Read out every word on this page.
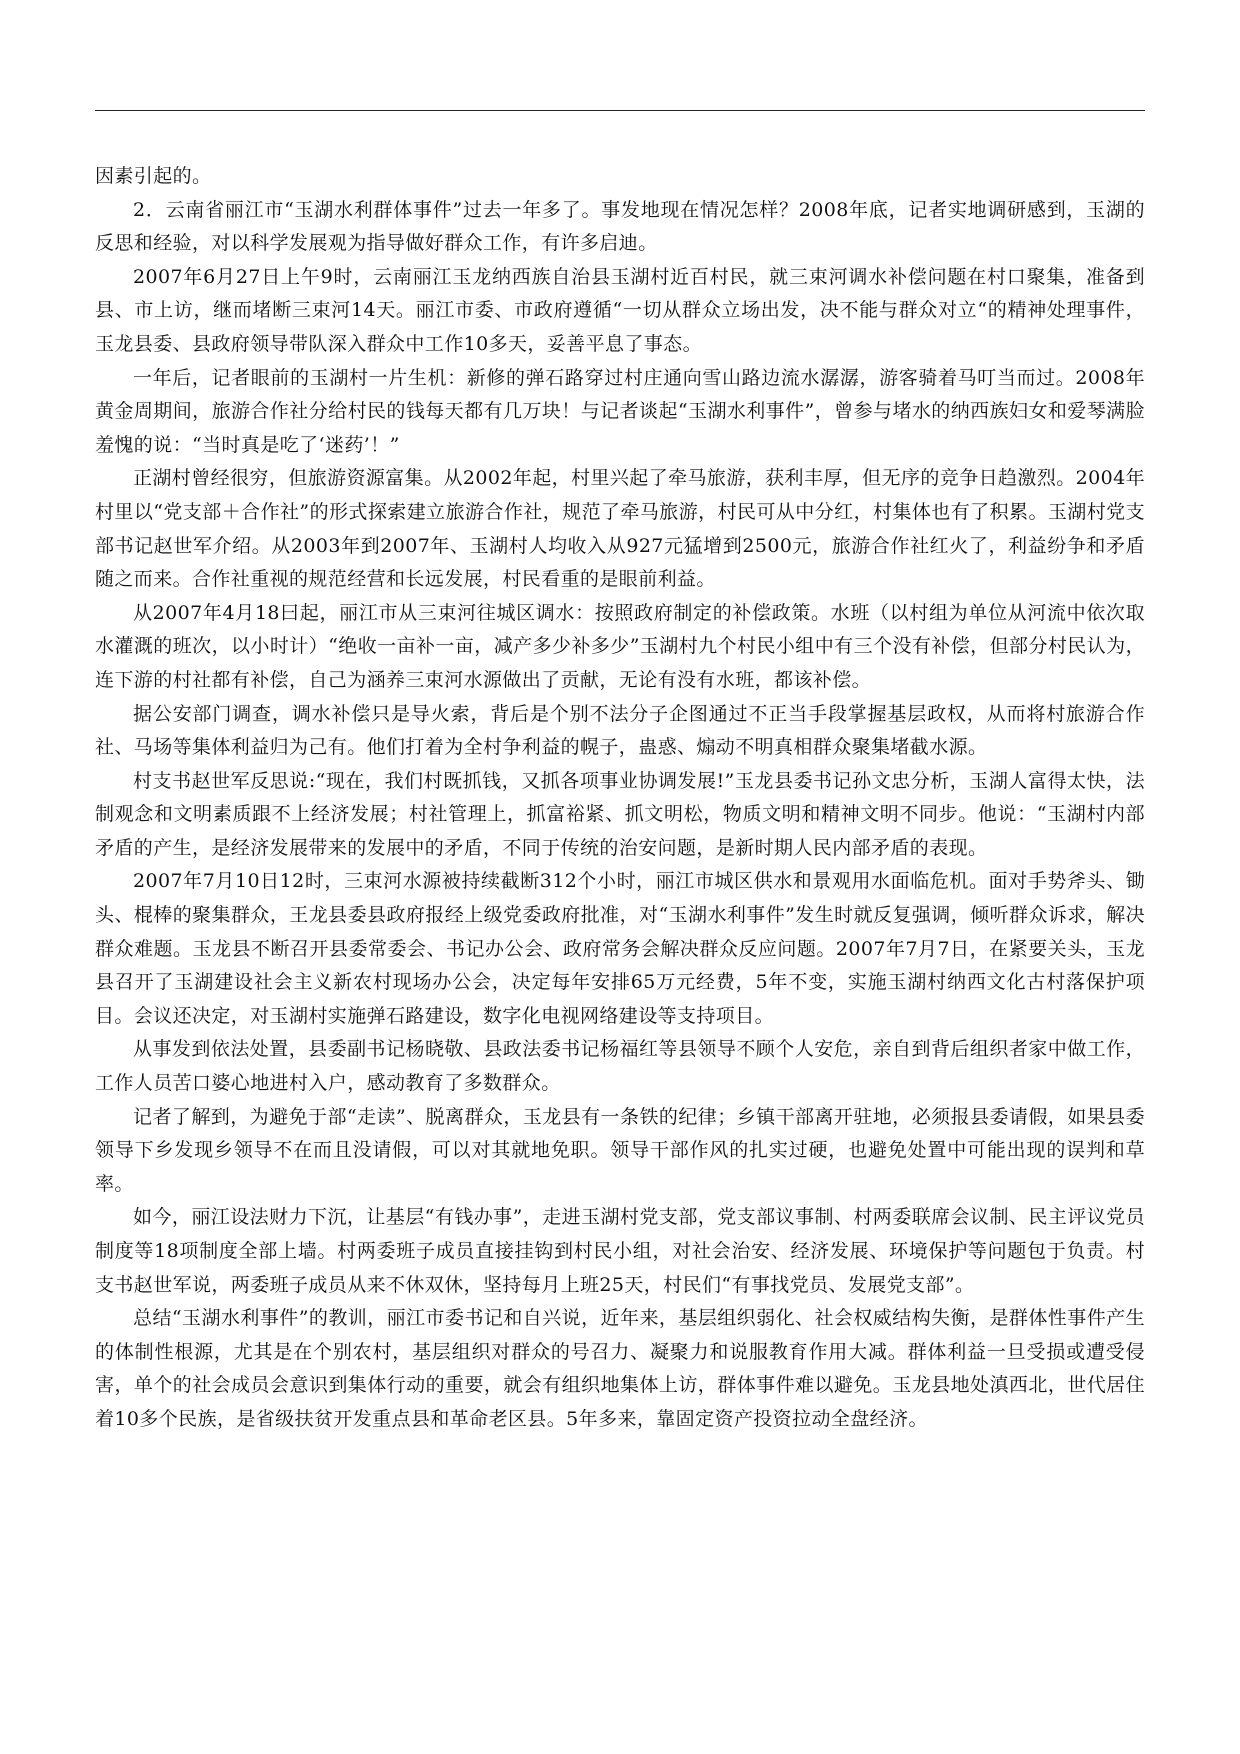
因素引起的。

2．云南省丽江市“玉湖水利群体事件”过去一年多了。事发地现在情况怎样？2008年底，记者实地调研感到，玉湖的反思和经验，对以科学发展观为指导做好群众工作，有许多启迪。

2007年6月27日上午9时，云南丽江玉龙纳西族自治县玉湖村近百村民，就三束河调水补偿问题在村口聚集，准备到县、市上访，继而堵断三束河14天。丽江市委、市政府遵循“一切从群众立场出发，决不能与群众对立“的精神处理事件，玉龙县委、县政府领导带队深入群众中工作10多天，妥善平息了事态。

一年后，记者眼前的玉湖村一片生机：新修的弹石路穿过村庄通向雪山路边流水潺潺，游客骑着马叮当而过。2008年黄金周期间，旅游合作社分给村民的钱每天都有几万块！与记者谈起“玉湖水利事件”，曾参与堵水的纳西族妇女和爱琴满脸羞愧的说：“当时真是吃了‘迷药’！”

正湖村曾经很穷，但旅游资源富集。从2002年起，村里兴起了牵马旅游，获利丰厚，但无序的竞争日趋激烈。2004年村里以“党支部＋合作社”的形式探索建立旅游合作社，规范了牵马旅游，村民可从中分红，村集体也有了积累。玉湖村党支部书记赵世军介绍。从2003年到2007年、玉湖村人均收入从927元猛增到2500元，旅游合作社红火了，利益纷争和矛盾随之而来。合作社重视的规范经营和长远发展，村民看重的是眼前利益。

从2007年4月18曰起，丽江市从三束河往城区调水：按照政府制定的补偿政策。水班（以村组为单位从河流中依次取水灌溉的班次，以小时计）“绝收一亩补一亩，减产多少补多少”玉湖村九个村民小组中有三个没有补偿，但部分村民认为，连下游的村社都有补偿，自己为涵养三束河水源做出了贡献，无论有没有水班，都该补偿。

据公安部门调查，调水补偿只是导火索，背后是个别不法分子企图通过不正当手段掌握基层政权，从而将村旅游合作社、马场等集体利益归为己有。他们打着为全村争利益的幌子，蛊惑、煽动不明真相群众聚集堵截水源。

村支书赵世军反思说:“现在，我们村既抓钱，又抓各项事业协调发展!”玉龙县委书记孙文忠分析，玉湖人富得太快，法制观念和文明素质跟不上经济发展；村社管理上，抓富裕紧、抓文明松，物质文明和精神文明不同步。他说：“玉湖村内部矛盾的产生，是经济发展带来的发展中的矛盾，不同于传统的治安问题，是新时期人民内部矛盾的表现。

2007年7月10日12时，三束河水源被持续截断312个小时，丽江市城区供水和景观用水面临危机。面对手势斧头、锄头、棍棒的聚集群众，王龙县委县政府报经上级党委政府批准，对“玉湖水利事件”发生时就反复强调，倾听群众诉求，解决群众难题。玉龙县不断召开县委常委会、书记办公会、政府常务会解决群众反应问题。2007年7月7日，在紧要关头，玉龙县召开了玉湖建设社会主义新农村现场办公会，决定每年安排65万元经费，5年不变，实施玉湖村纳西文化古村落保护项目。会议还决定，对玉湖村实施弹石路建设，数字化电视网络建设等支持项目。

从事发到依法处置，县委副书记杨晓敬、县政法委书记杨福红等县领导不顾个人安危，亲自到背后组织者家中做工作，工作人员苦口婆心地进村入户，感动教育了多数群众。

记者了解到，为避免于部“走读”、脱离群众，玉龙县有一条铁的纪律；乡镇干部离开驻地，必须报县委请假，如果县委领导下乡发现乡领导不在而且没请假，可以对其就地免职。领导干部作风的扎实过硬，也避免处置中可能出现的误判和草率。

如今，丽江设法财力下沉，让基层“有钱办事”，走进玉湖村党支部，党支部议事制、村两委联席会议制、民主评议党员制度等18项制度全部上墙。村两委班子成员直接挂钩到村民小组，对社会治安、经济发展、环境保护等问题包于负责。村支书赵世军说，两委班子成员从来不休双休，坚持每月上班25天，村民们“有事找党员、发展党支部”。

总结“玉湖水利事件”的教训，丽江市委书记和自兴说，近年来，基层组织弱化、社会权威结构失衡，是群体性事件产生的体制性根源，尤其是在个别农村，基层组织对群众的号召力、凝聚力和说服教育作用大减。群体利益一旦受损或遭受侵害，单个的社会成员会意识到集体行动的重要，就会有组织地集体上访，群体事件难以避免。玉龙县地处滇西北，世代居住着10多个民族，是省级扶贫开发重点县和革命老区县。5年多来，靠固定资产投资拉动全盘经济。
